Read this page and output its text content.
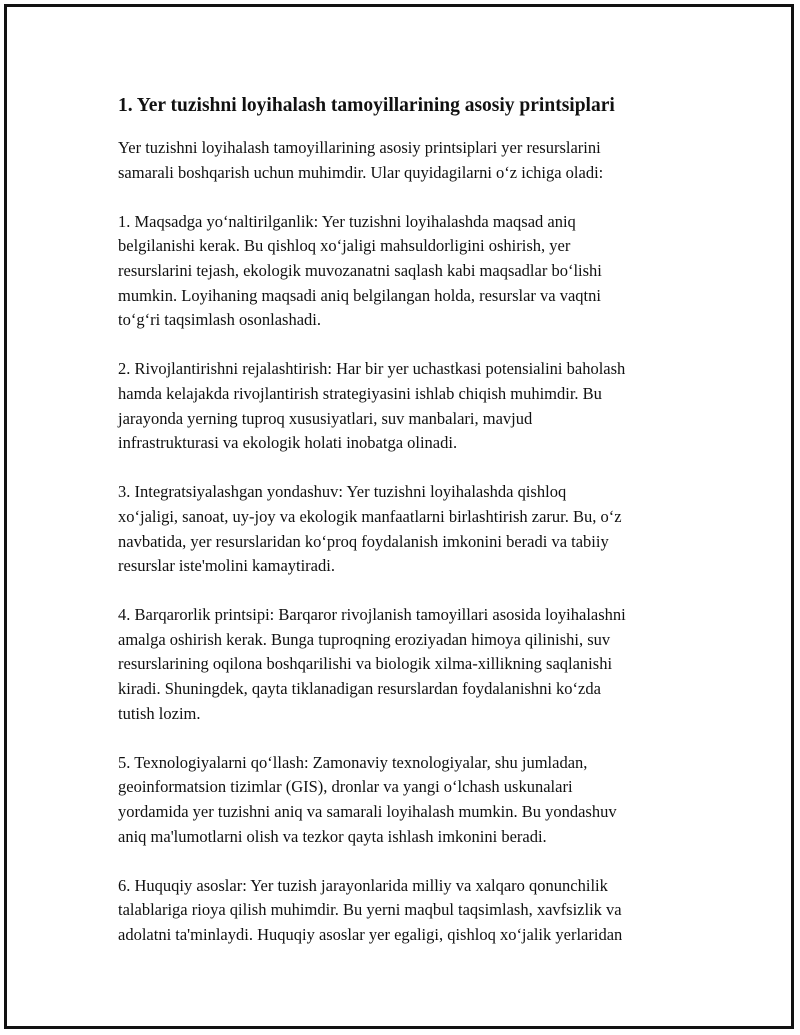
1. Yer tuzishni loyihalash tamoyillarining asosiy printsiplari

Yer tuzishni loyihalash tamoyillarining asosiy printsiplari yer resurslarini
samarali boshqarish uchun muhimdir. Ular quyidagilarni oʻz ichiga oladi:

1. Maqsadga yoʻnaltirilganlik: Yer tuzishni loyihalashda maqsad aniq
belgilanishi kerak. Bu qishloq xoʻjaligi mahsuldorligini oshirish, yer
resurslarini tejash, ekologik muvozanatni saqlash kabi maqsadlar boʻlishi
mumkin. Loyihaning maqsadi aniq belgilangan holda, resurslar va vaqtni
toʻgʻri taqsimlash osonlashadi.

2. Rivojlantirishni rejalashtirish: Har bir yer uchastkasi potensialini baholash
hamda kelajakda rivojlantirish strategiyasini ishlab chiqish muhimdir. Bu
jarayonda yerning tuproq xususiyatlari, suv manbalari, mavjud
infrastrukturasi va ekologik holati inobatga olinadi.

3. Integratsiyalashgan yondashuv: Yer tuzishni loyihalashda qishloq
xoʻjaligi, sanoat, uy-joy va ekologik manfaatlarni birlashtirish zarur. Bu, oʻz
navbatida, yer resurslaridan koʻproq foydalanish imkonini beradi va tabiiy
resurslar iste'molini kamaytiradi.

4. Barqarorlik printsipi: Barqaror rivojlanish tamoyillari asosida loyihalashni
amalga oshirish kerak. Bunga tuproqning eroziyadan himoya qilinishi, suv
resurslarining oqilona boshqarilishi va biologik xilma-xillikning saqlanishi
kiradi. Shuningdek, qayta tiklanadigan resurslardan foydalanishni koʻzda
tutish lozim.

5. Texnologiyalarni qoʻllash: Zamonaviy texnologiyalar, shu jumladan,
geoinformatsion tizimlar (GIS), dronlar va yangi oʻlchash uskunalari
yordamida yer tuzishni aniq va samarali loyihalash mumkin. Bu yondashuv
aniq ma'lumotlarni olish va tezkor qayta ishlash imkonini beradi.

6. Huquqiy asoslar: Yer tuzish jarayonlarida milliy va xalqaro qonunchilik
talablariga rioya qilish muhimdir. Bu yerni maqbul taqsimlash, xavfsizlik va
adolatni ta'minlaydi. Huquqiy asoslar yer egaligi, qishloq xoʻjalik yerlaridan
